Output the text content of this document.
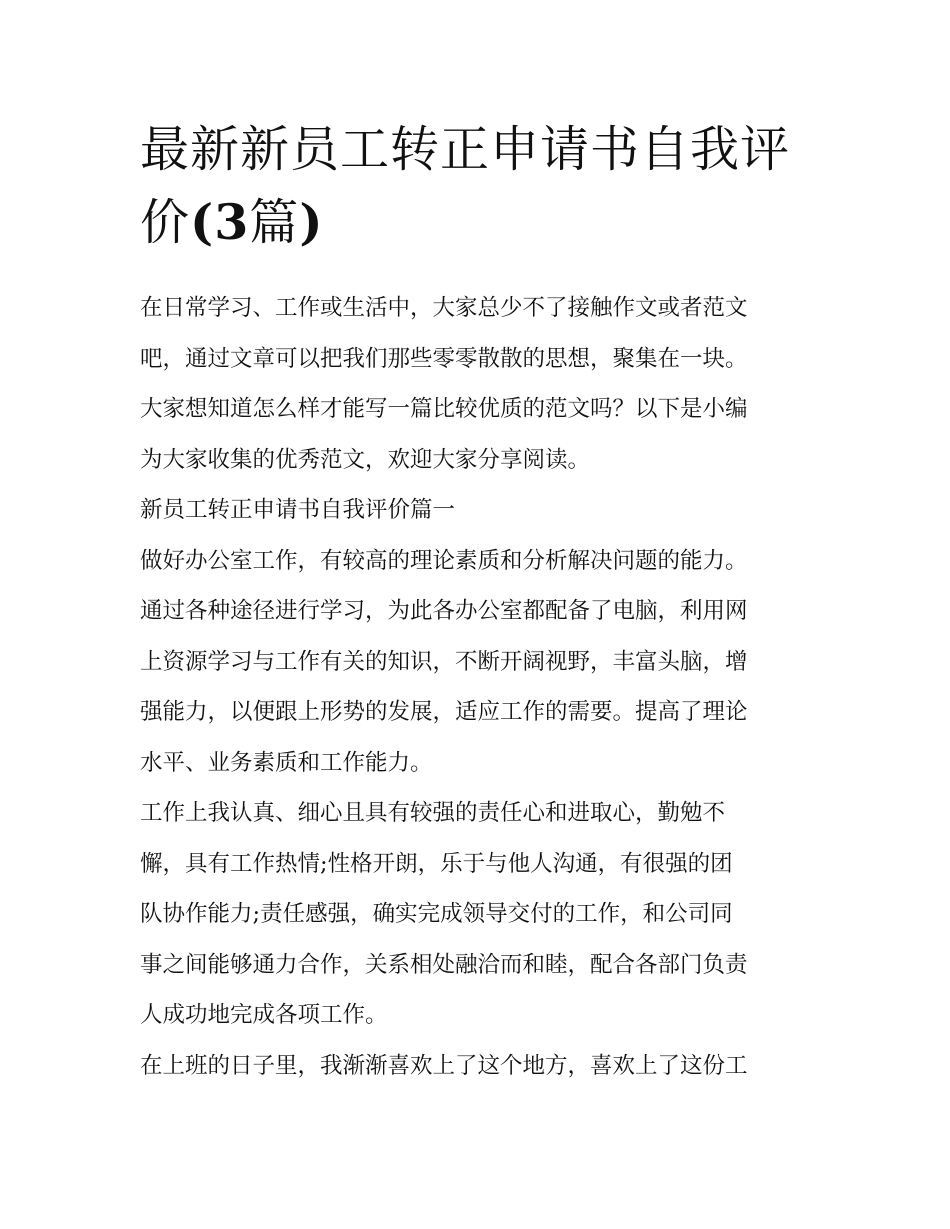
最新新员工转正申请书自我评
价(3篇)

在日常学习、工作或生活中，大家总少不了接触作文或者范文
吧，通过文章可以把我们那些零零散散的思想，聚集在一块。
大家想知道怎么样才能写一篇比较优质的范文吗？以下是小编
为大家收集的优秀范文，欢迎大家分享阅读。

新员工转正申请书自我评价篇一

做好办公室工作，有较高的理论素质和分析解决问题的能力。
通过各种途径进行学习，为此各办公室都配备了电脑，利用网
上资源学习与工作有关的知识，不断开阔视野，丰富头脑，增
强能力，以便跟上形势的发展，适应工作的需要。提高了理论
水平、业务素质和工作能力。

工作上我认真、细心且具有较强的责任心和进取心，勤勉不
懈，具有工作热情;性格开朗，乐于与他人沟通，有很强的团
队协作能力;责任感强，确实完成领导交付的工作，和公司同
事之间能够通力合作，关系相处融洽而和睦，配合各部门负责
人成功地完成各项工作。

在上班的日子里，我渐渐喜欢上了这个地方，喜欢上了这份工
